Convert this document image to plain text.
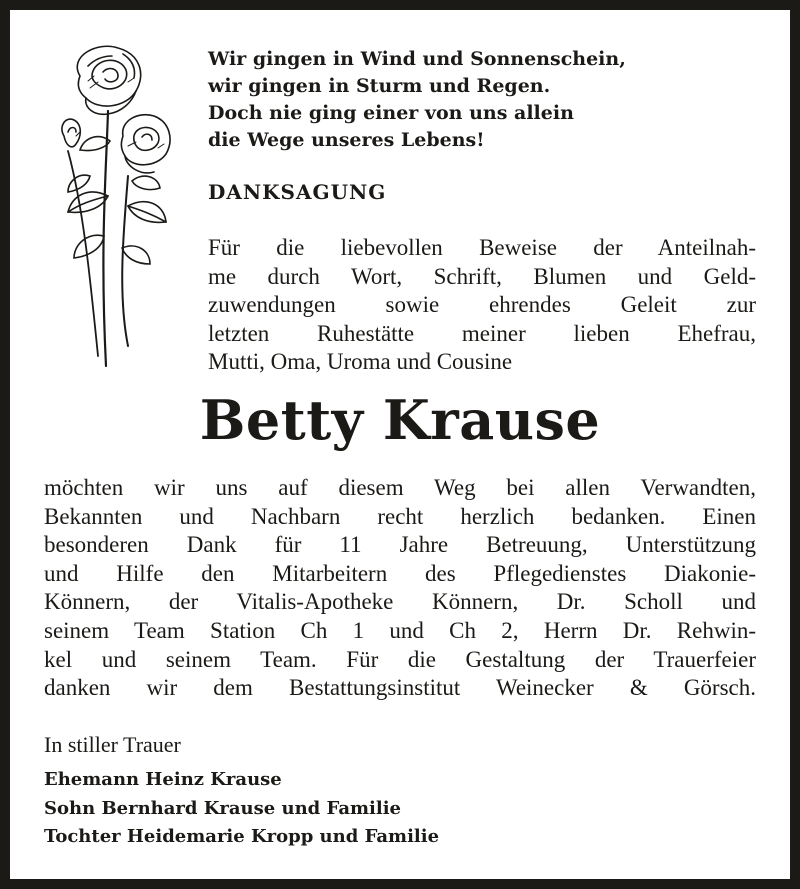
Wir gingen in Wind und Sonnenschein,
wir gingen in Sturm und Regen.
Doch nie ging einer von uns allein
die Wege unseres Lebens!
DANKSAGUNG
Für die liebevollen Beweise der Anteilnah-
me durch Wort, Schrift, Blumen und Geld-
zuwendungen sowie ehrendes Geleit zur
letzten Ruhestätte meiner lieben Ehefrau,
Mutti, Oma, Uroma und Cousine
Betty Krause
möchten wir uns auf diesem Weg bei allen Verwandten,
Bekannten und Nachbarn recht herzlich bedanken. Einen
besonderen Dank für 11 Jahre Betreuung, Unterstützung
und Hilfe den Mitarbeitern des Pflegedienstes Diakonie-
Könnern, der Vitalis-Apotheke Könnern, Dr. Scholl und
seinem Team Station Ch 1 und Ch 2, Herrn Dr. Rehwin-
kel und seinem Team. Für die Gestaltung der Trauerfeier
danken wir dem Bestattungsinstitut Weinecker & Görsch.
In stiller Trauer
Ehemann Heinz Krause
Sohn Bernhard Krause und Familie
Tochter Heidemarie Kropp und Familie
